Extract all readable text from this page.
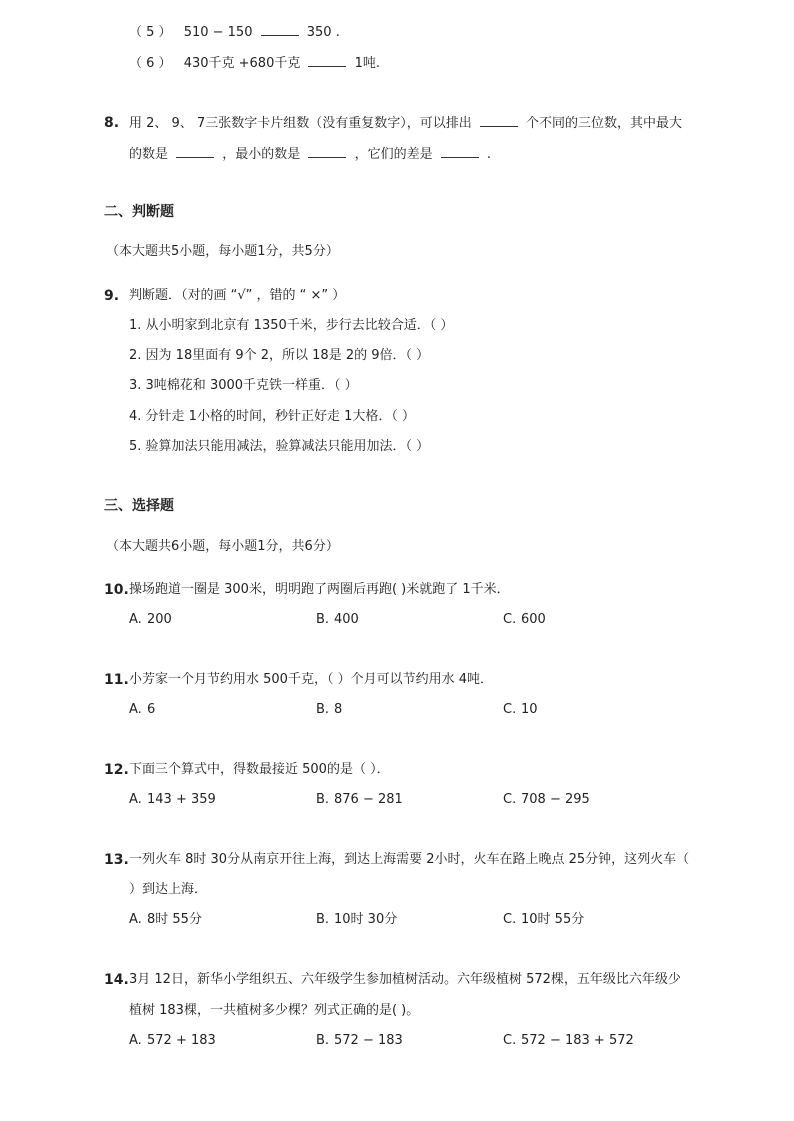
（ 5 ） 510 − 150	350 .
（ 6 ） 430千克 +680千克	1吨.
8. 用 2、 9、 7三张数字卡片组数（没有重复数字），可以排出	个不同的三位数，其中最大
的数是	，最小的数是	，它们的差是	.
二、判断题
（本大题共5小题，每小题1分，共5分）
9. 判断题．（对的画 “√” ，错的 “ ×” ）
1. 从小明家到北京有 1350千米，步行去比较合适．（ ）
2. 因为 18里面有 9个 2，所以 18是 2的 9倍．（ ）
3. 3吨棉花和 3000千克铁一样重．（ ）
4. 分针走 1小格的时间，秒针正好走 1大格．（ ）
5. 验算加法只能用减法，验算减法只能用加法．（ ）
三、选择题
（本大题共6小题，每小题1分，共6分）
10. 操场跑道一圈是 300米，明明跑了两圈后再跑( )米就跑了 1千米．
A. 200	B. 400	C. 600
11. 小芳家一个月节约用水 500千克，（ ）个月可以节约用水 4吨．
A. 6	B. 8	C. 10
12. 下面三个算式中，得数最接近 500的是（ ）．
A. 143 + 359	B. 876 − 281	C. 708 − 295
13. 一列火车 8时 30分从南京开往上海，到达上海需要 2小时，火车在路上晚点 25分钟，这列火车（
）到达上海．
A. 8时 55分	B. 10时 30分	C. 10时 55分
14. 3月 12日，新华小学组织五、六年级学生参加植树活动。六年级植树 572棵，五年级比六年级少
植树 183棵，一共植树多少棵？列式正确的是( )。
A. 572 + 183	B. 572 − 183	C. 572 − 183 + 572
